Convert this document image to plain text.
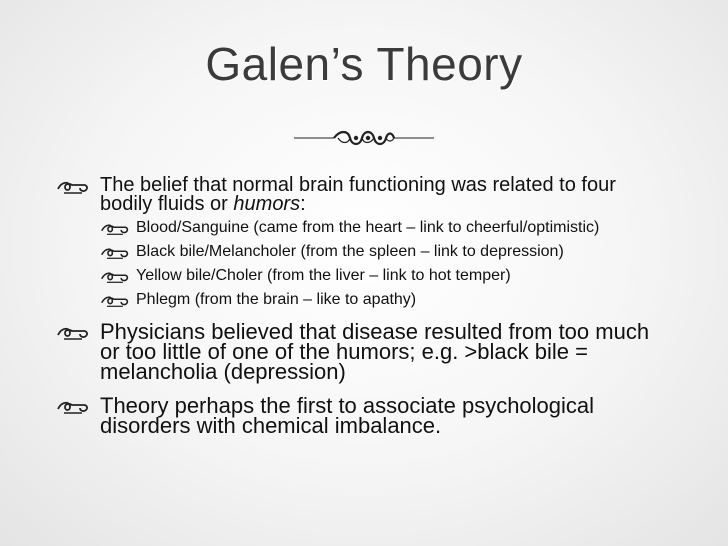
Galen’s Theory
The belief that normal brain functioning was related to four bodily fluids or humors:
Blood/Sanguine (came from the heart – link to cheerful/optimistic)
Black bile/Melancholer (from the spleen – link to depression)
Yellow bile/Choler (from the liver – link to hot temper)
Phlegm (from the brain – like to apathy)
Physicians believed that disease resulted from too much or too little of one of the humors; e.g. >black bile = melancholia (depression)
Theory perhaps the first to associate psychological disorders with chemical imbalance.
